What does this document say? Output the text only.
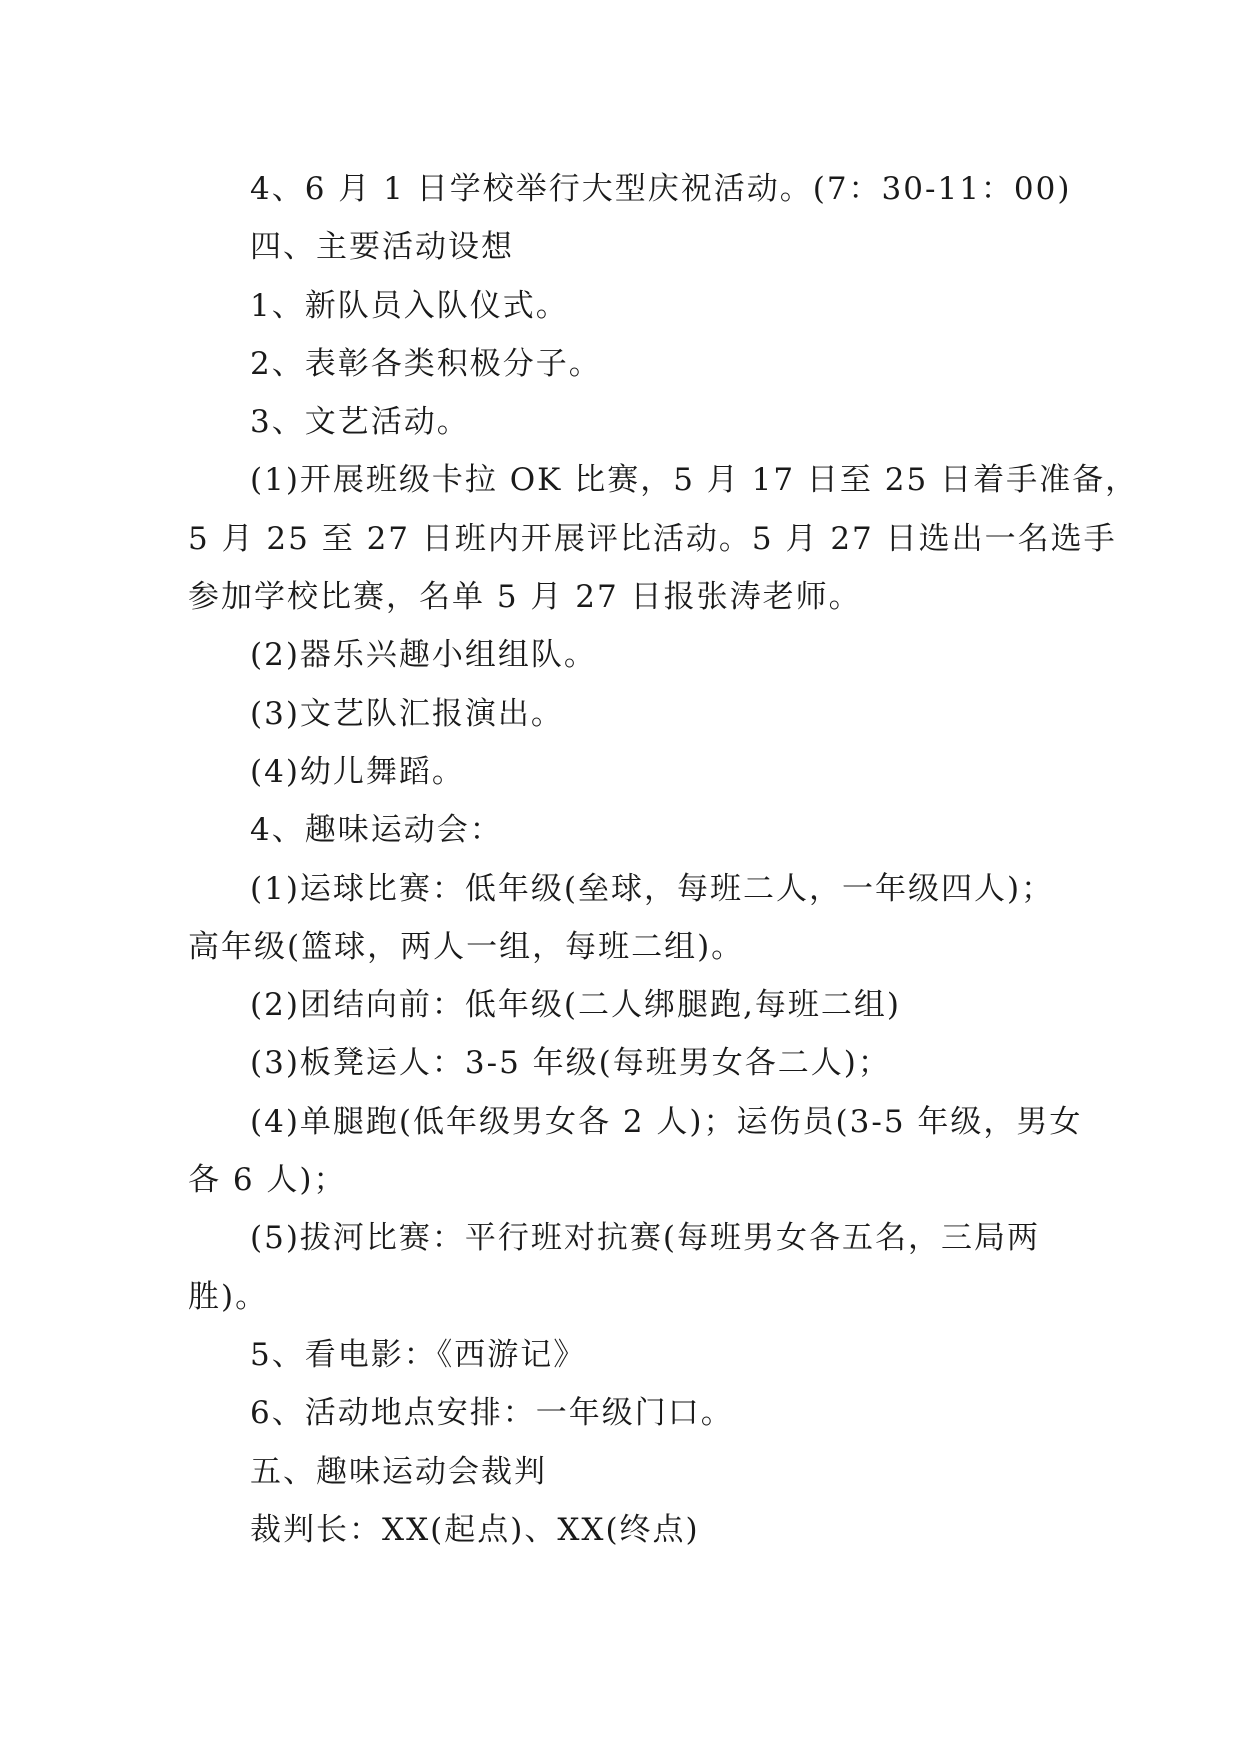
4、6 月 1 日学校举行大型庆祝活动。(7：30-11：00)

四、主要活动设想

1、新队员入队仪式。

2、表彰各类积极分子。

3、文艺活动。

(1)开展班级卡拉 OK 比赛，5 月 17 日至 25 日着手准备，

5 月 25 至 27 日班内开展评比活动。5 月 27 日选出一名选手

参加学校比赛，名单 5 月 27 日报张涛老师。

(2)器乐兴趣小组组队。

(3)文艺队汇报演出。

(4)幼儿舞蹈。

4、趣味运动会：

(1)运球比赛：低年级(垒球，每班二人，一年级四人)；

高年级(篮球，两人一组，每班二组)。

(2)团结向前：低年级(二人绑腿跑,每班二组)

(3)板凳运人：3-5 年级(每班男女各二人)；

(4)单腿跑(低年级男女各 2 人)；运伤员(3-5 年级，男女

各 6 人)；

(5)拔河比赛：平行班对抗赛(每班男女各五名，三局两

胜)。

5、看电影：《西游记》

6、活动地点安排：一年级门口。

五、趣味运动会裁判

裁判长：XX(起点)、XX(终点)
